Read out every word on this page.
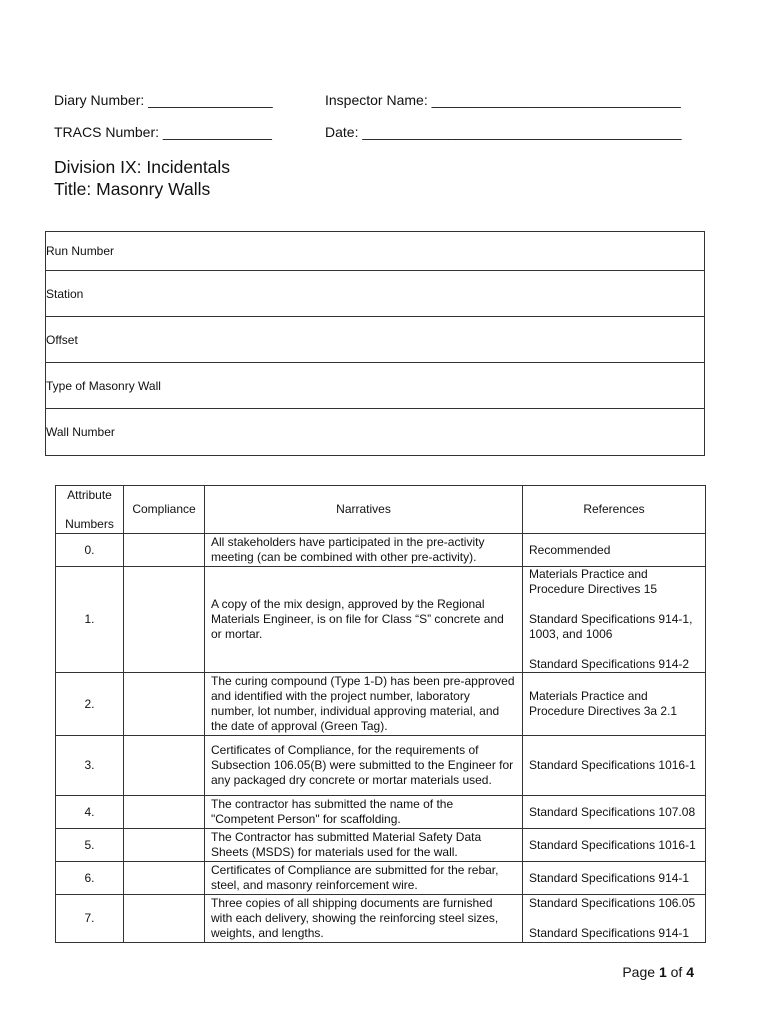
Diary Number: ________________	Inspector Name: ________________________________
TRACS Number: ______________	Date: _________________________________________
Division IX: Incidentals
Title: Masonry Walls
Run Number
Station
Offset
Type of Masonry Wall
Wall Number
Attribute
Numbers	Compliance	Narratives	References
0.		All stakeholders have participated in the pre-activity meeting (can be combined with other pre-activity).	Recommended

1.		A copy of the mix design, approved by the Regional Materials Engineer, is on file for Class “S” concrete and or mortar.	Materials Practice and Procedure Directives 15
Standard Specifications 914-1, 1003, and 1006
Standard Specifications 914-2

2.		The curing compound (Type 1-D) has been pre-approved and identified with the project number, laboratory number, lot number, individual approving material, and the date of approval (Green Tag).	Materials Practice and Procedure Directives 3a 2.1

3.		Certificates of Compliance, for the requirements of Subsection 106.05(B) were submitted to the Engineer for any packaged dry concrete or mortar materials used.	Standard Specifications 1016-1

4.		The contractor has submitted the name of the "Competent Person" for scaffolding.	Standard Specifications 107.08

5.		The Contractor has submitted Material Safety Data Sheets (MSDS) for materials used for the wall.	Standard Specifications 1016-1

6.		Certificates of Compliance are submitted for the rebar, steel, and masonry reinforcement wire.	Standard Specifications 914-1

7.		Three copies of all shipping documents are furnished with each delivery, showing the reinforcing steel sizes, weights, and lengths.	Standard Specifications 106.05
Standard Specifications 914-1
Page 1 of 4
